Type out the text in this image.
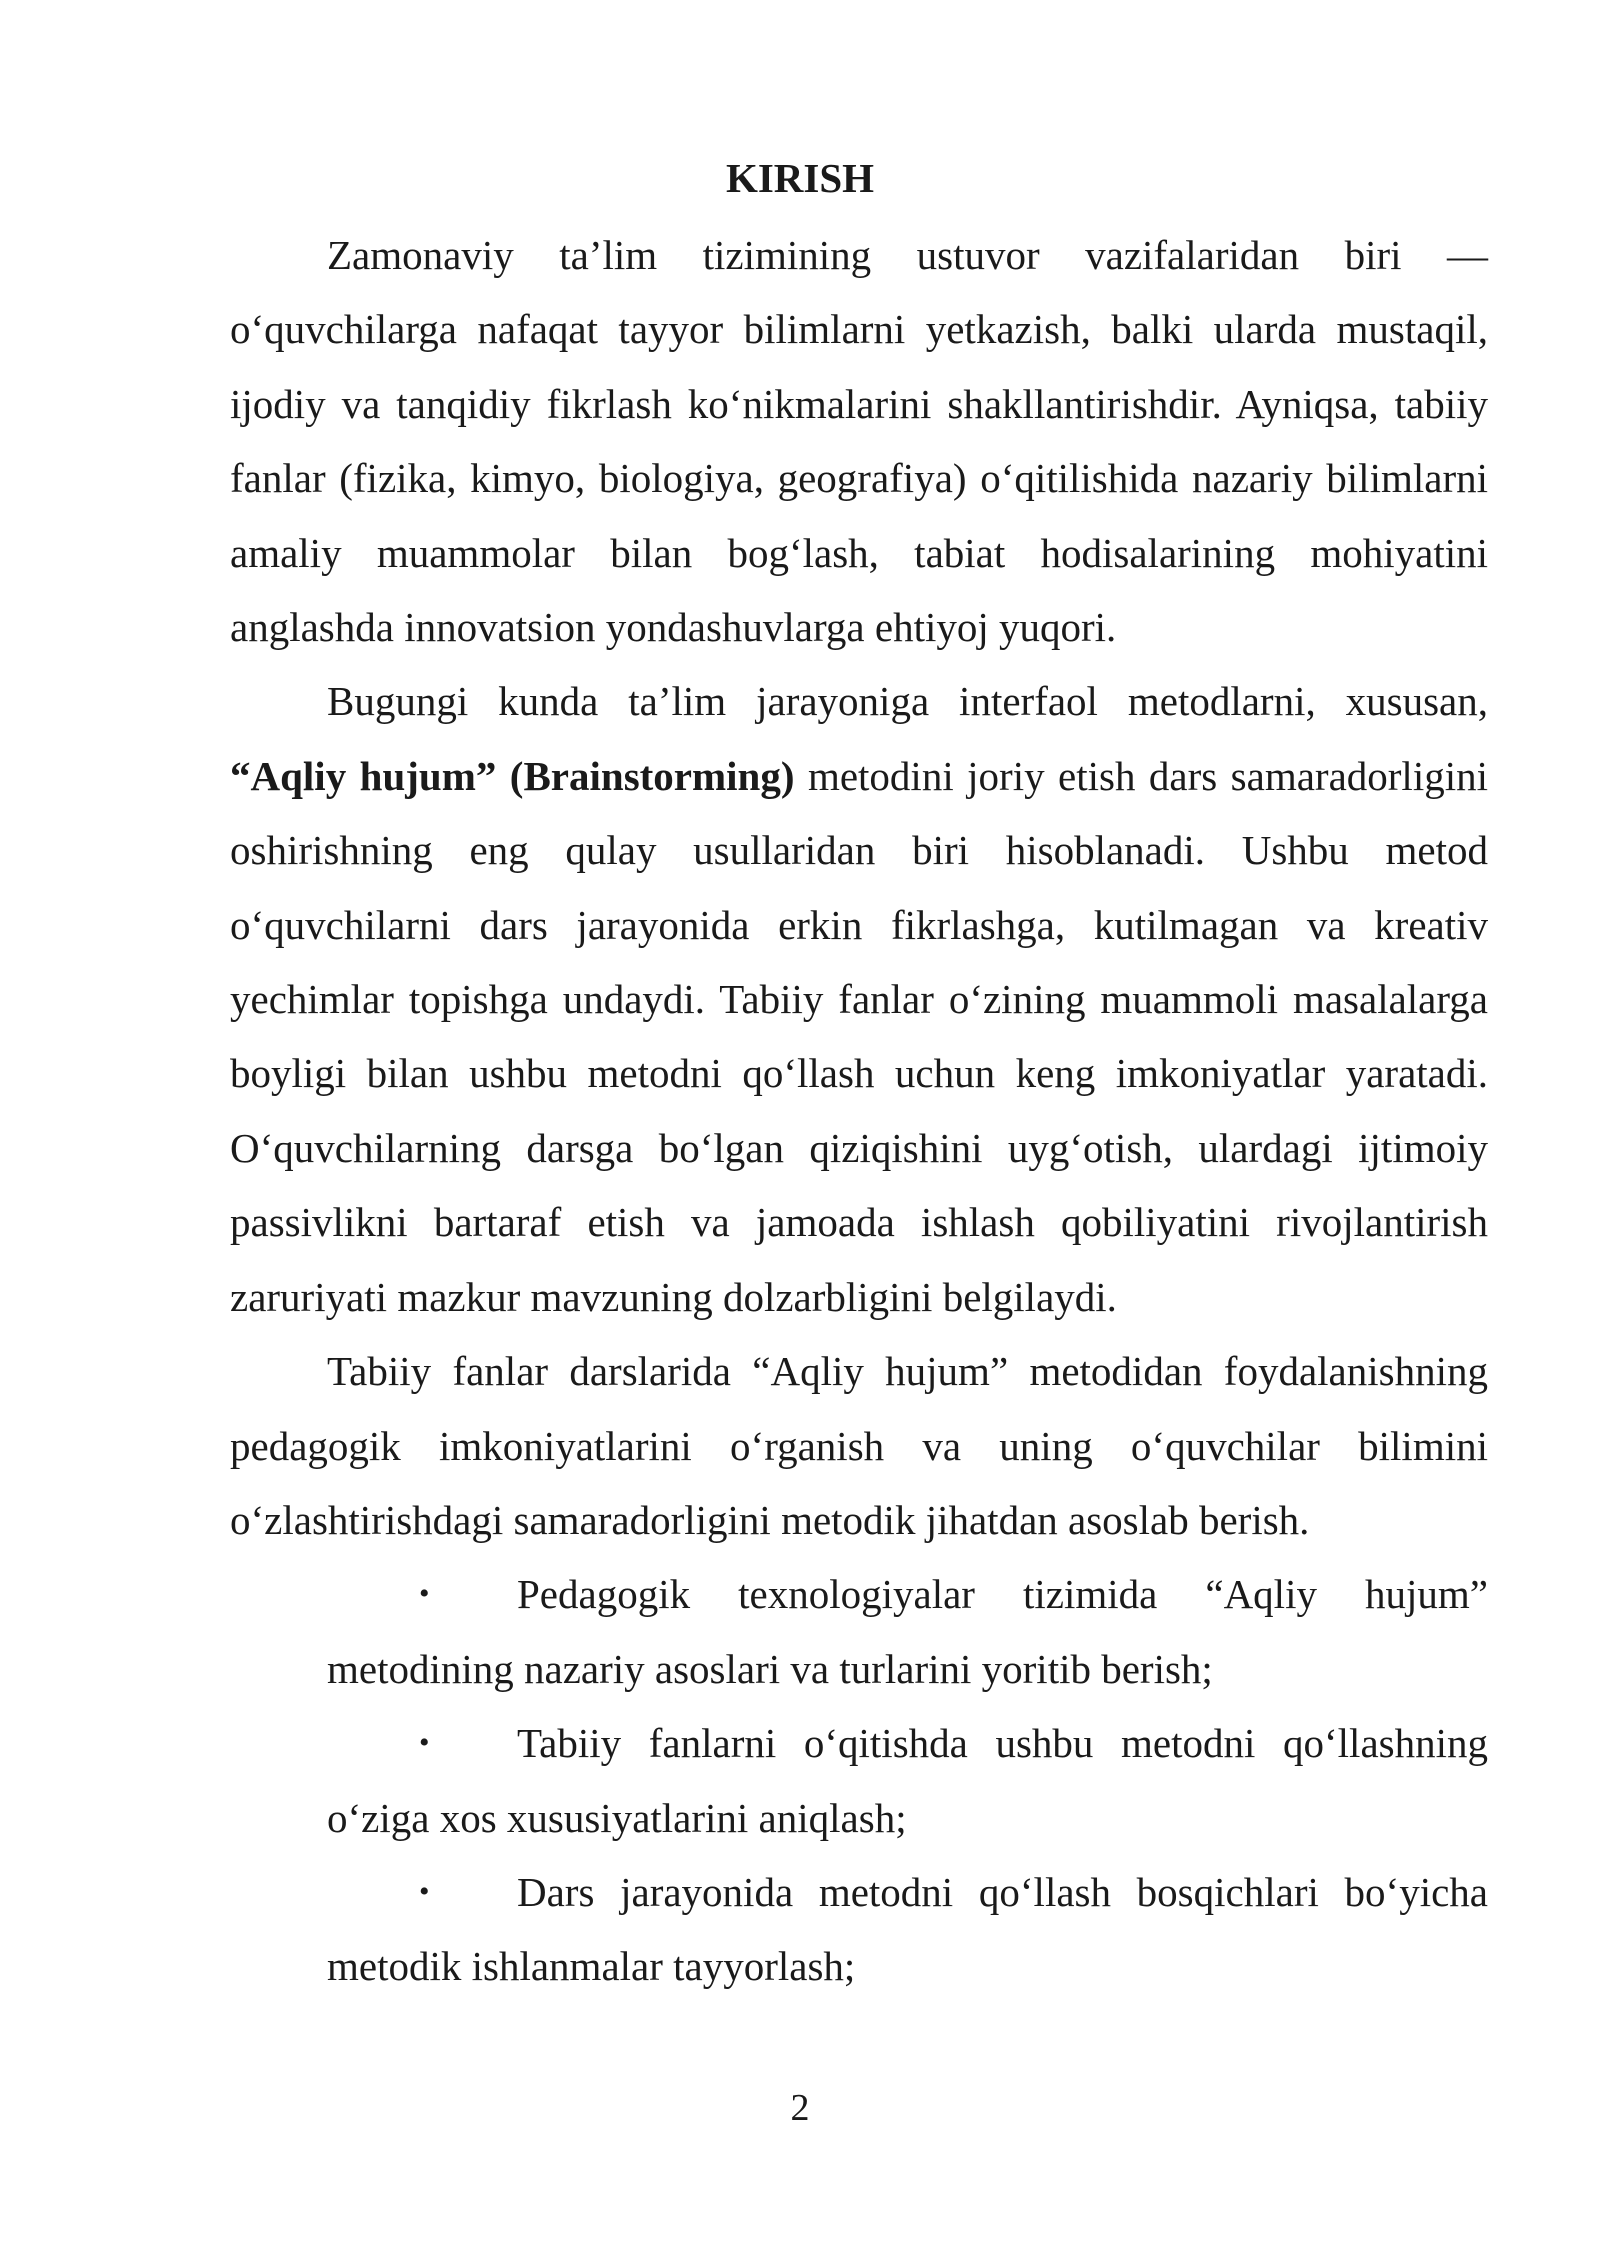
KIRISH

Zamonaviy ta’lim tizimining ustuvor vazifalaridan biri — o‘quvchilarga nafaqat tayyor bilimlarni yetkazish, balki ularda mustaqil, ijodiy va tanqidiy fikrlash ko‘nikmalarini shakllantirishdir. Ayniqsa, tabiiy fanlar (fizika, kimyo, biologiya, geografiya) o‘qitilishida nazariy bilimlarni amaliy muammolar bilan bog‘lash, tabiat hodisalarining mohiyatini anglashda innovatsion yondashuvlarga ehtiyoj yuqori.

Bugungi kunda ta’lim jarayoniga interfaol metodlarni, xususan, “Aqliy hujum” (Brainstorming) metodini joriy etish dars samaradorligini oshirishning eng qulay usullaridan biri hisoblanadi. Ushbu metod o‘quvchilarni dars jarayonida erkin fikrlashga, kutilmagan va kreativ yechimlar topishga undaydi. Tabiiy fanlar o‘zining muammoli masalalarga boyligi bilan ushbu metodni qo‘llash uchun keng imkoniyatlar yaratadi. O‘quvchilarning darsga bo‘lgan qiziqishini uyg‘otish, ulardagi ijtimoiy passivlikni bartaraf etish va jamoada ishlash qobiliyatini rivojlantirish zaruriyati mazkur mavzuning dolzarbligini belgilaydi.

Tabiiy fanlar darslarida “Aqliy hujum” metodidan foydalanishning pedagogik imkoniyatlarini o‘rganish va uning o‘quvchilar bilimini o‘zlashtirishdagi samaradorligini metodik jihatdan asoslab berish.

• Pedagogik texnologiyalar tizimida “Aqliy hujum” metodining nazariy asoslari va turlarini yoritib berish;
• Tabiiy fanlarni o‘qitishda ushbu metodni qo‘llashning o‘ziga xos xususiyatlarini aniqlash;
• Dars jarayonida metodni qo‘llash bosqichlari bo‘yicha metodik ishlanmalar tayyorlash;
2
